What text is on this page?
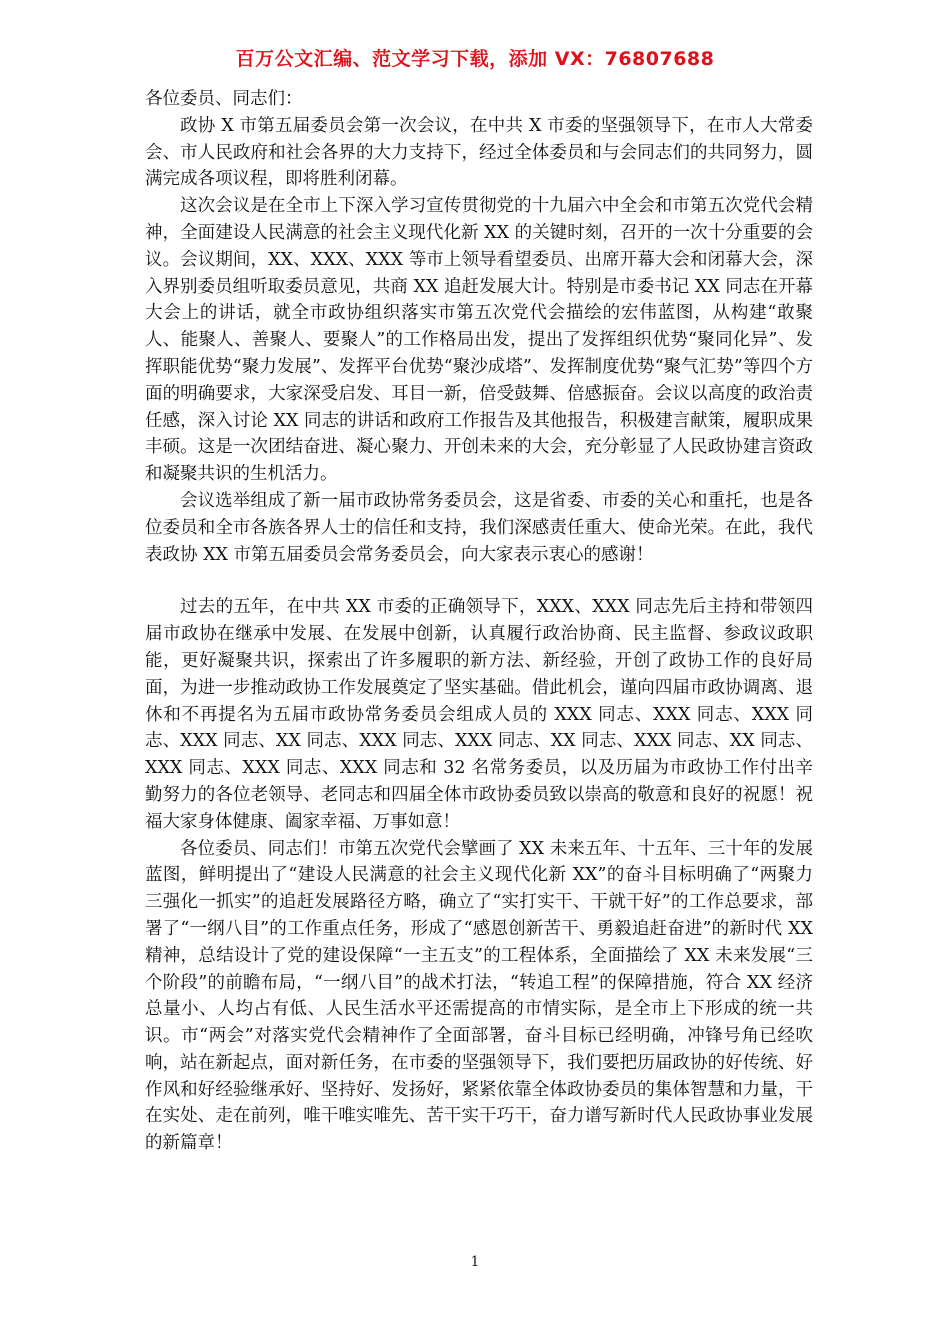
百万公文汇编、范文学习下载，添加 VX：76807688

各位委员、同志们：

政协 X 市第五届委员会第一次会议，在中共 X 市委的坚强领导下，在市人大常委会、市人民政府和社会各界的大力支持下，经过全体委员和与会同志们的共同努力，圆满完成各项议程，即将胜利闭幕。

这次会议是在全市上下深入学习宣传贯彻党的十九届六中全会和市第五次党代会精神，全面建设人民满意的社会主义现代化新 XX 的关键时刻，召开的一次十分重要的会议。会议期间，XX、XXX、XXX 等市上领导看望委员、出席开幕大会和闭幕大会，深入界别委员组听取委员意见，共商 XX 追赶发展大计。特别是市委书记 XX 同志在开幕大会上的讲话，就全市政协组织落实市第五次党代会描绘的宏伟蓝图，从构建“敢聚人、能聚人、善聚人、要聚人”的工作格局出发，提出了发挥组织优势“聚同化异”、发挥职能优势“聚力发展”、发挥平台优势“聚沙成塔”、发挥制度优势“聚气汇势”等四个方面的明确要求，大家深受启发、耳目一新，倍受鼓舞、倍感振奋。会议以高度的政治责任感，深入讨论 XX 同志的讲话和政府工作报告及其他报告，积极建言献策，履职成果丰硕。这是一次团结奋进、凝心聚力、开创未来的大会，充分彰显了人民政协建言资政和凝聚共识的生机活力。

会议选举组成了新一届市政协常务委员会，这是省委、市委的关心和重托，也是各位委员和全市各族各界人士的信任和支持，我们深感责任重大、使命光荣。在此，我代表政协 XX 市第五届委员会常务委员会，向大家表示衷心的感谢！

过去的五年，在中共 XX 市委的正确领导下，XXX、XXX 同志先后主持和带领四届市政协在继承中发展、在发展中创新，认真履行政治协商、民主监督、参政议政职能，更好凝聚共识，探索出了许多履职的新方法、新经验，开创了政协工作的良好局面，为进一步推动政协工作发展奠定了坚实基础。借此机会，谨向四届市政协调离、退休和不再提名为五届市政协常务委员会组成人员的 XXX 同志、XXX 同志、XXX 同志、XXX 同志、XX 同志、XXX 同志、XXX 同志、XX 同志、XXX 同志、XX 同志、XXX 同志、XXX 同志、XXX 同志和 32 名常务委员，以及历届为市政协工作付出辛勤努力的各位老领导、老同志和四届全体市政协委员致以崇高的敬意和良好的祝愿！祝福大家身体健康、阖家幸福、万事如意！

各位委员、同志们！市第五次党代会擘画了 XX 未来五年、十五年、三十年的发展蓝图，鲜明提出了“建设人民满意的社会主义现代化新 XX”的奋斗目标明确了“两聚力三强化一抓实”的追赶发展路径方略，确立了“实打实干、干就干好”的工作总要求，部署了“一纲八目”的工作重点任务，形成了“感恩创新苦干、勇毅追赶奋进”的新时代 XX 精神，总结设计了党的建设保障“一主五支”的工程体系，全面描绘了 XX 未来发展“三个阶段”的前瞻布局，“一纲八目”的战术打法，“转追工程”的保障措施，符合 XX 经济总量小、人均占有低、人民生活水平还需提高的市情实际，是全市上下形成的统一共识。市“两会”对落实党代会精神作了全面部署，奋斗目标已经明确，冲锋号角已经吹响，站在新起点，面对新任务，在市委的坚强领导下，我们要把历届政协的好传统、好作风和好经验继承好、坚持好、发扬好，紧紧依靠全体政协委员的集体智慧和力量，干在实处、走在前列，唯干唯实唯先、苦干实干巧干，奋力谱写新时代人民政协事业发展的新篇章！

1
